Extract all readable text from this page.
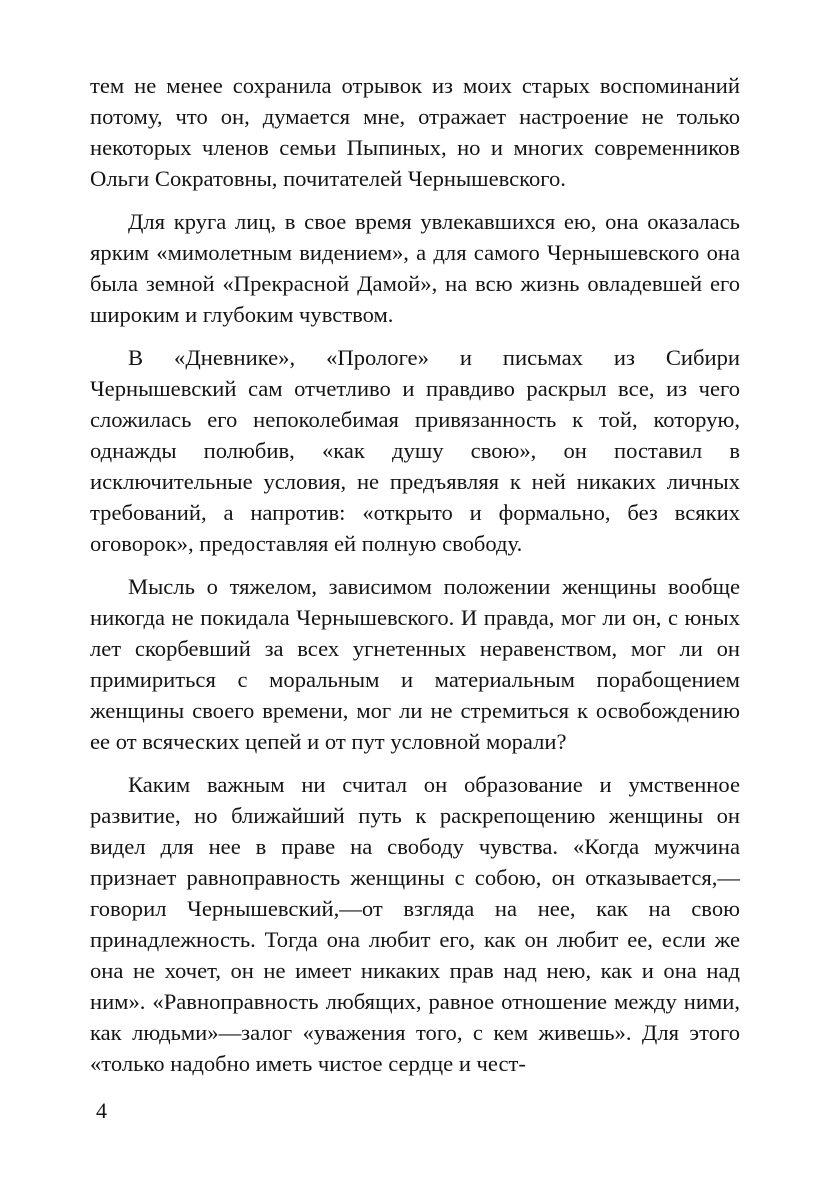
тем не менее сохранила отрывок из моих старых воспоминаний потому, что он, думается мне, отражает настроение не только некоторых членов семьи Пыпиных, но и многих современников Ольги Сократовны, почитателей Чернышевского.

Для круга лиц, в свое время увлекавшихся ею, она оказалась ярким «мимолетным видением», а для самого Чернышевского она была земной «Прекрасной Дамой», на всю жизнь овладевшей его широким и глубоким чувством.

В «Дневнике», «Прологе» и письмах из Сибири Чернышевский сам отчетливо и правдиво раскрыл все, из чего сложилась его непоколебимая привязанность к той, которую, однажды полюбив, «как душу свою», он поставил в исключительные условия, не предъявляя к ней никаких личных требований, а напротив: «открыто и формально, без всяких оговорок», предоставляя ей полную свободу.

Мысль о тяжелом, зависимом положении женщины вообще никогда не покидала Чернышевского. И правда, мог ли он, с юных лет скорбевший за всех угнетенных неравенством, мог ли он примириться с моральным и материальным порабощением женщины своего времени, мог ли не стремиться к освобождению ее от всяческих цепей и от пут условной морали?

Каким важным ни считал он образование и умственное развитие, но ближайший путь к раскрепощению женщины он видел для нее в праве на свободу чувства. «Когда мужчина признает равноправность женщины с собою, он отказывается,— говорил Чернышевский,—от взгляда на нее, как на свою принадлежность. Тогда она любит его, как он любит ее, если же она не хочет, он не имеет никаких прав над нею, как и она над ним». «Равноправность любящих, равное отношение между ними, как людьми»—залог «уважения того, с кем живешь». Для этого «только надобно иметь чистое сердце и чест-

4
